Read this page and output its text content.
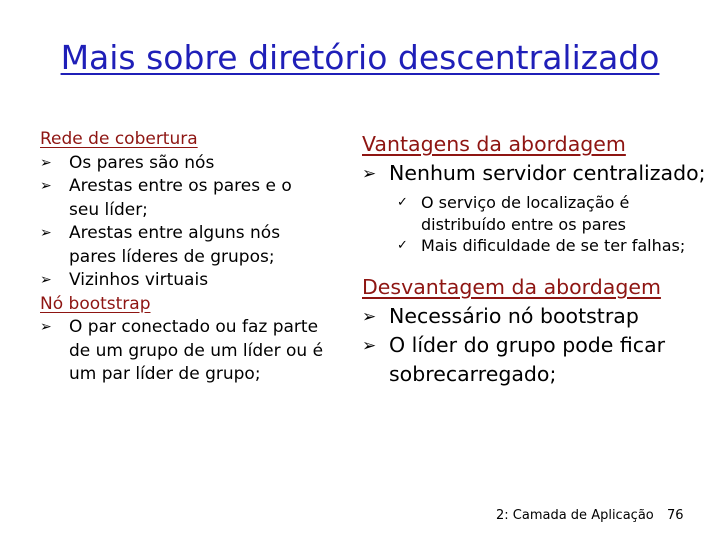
Mais sobre diretório descentralizado
Rede de cobertura
➢ Os pares são nós
➢ Arestas entre os pares e o seu líder;
➢ Arestas entre alguns nós pares líderes de grupos;
➢ Vizinhos virtuais
Nó bootstrap
➢ O par conectado ou faz parte de um grupo de um líder ou é um par líder de grupo;
Vantagens da abordagem
➢ Nenhum servidor centralizado;
✓ O serviço de localização é distribuído entre os pares
✓ Mais dificuldade de se ter falhas;
Desvantagem da abordagem
➢ Necessário nó bootstrap
➢ O líder do grupo pode ficar sobrecarregado;
2: Camada de Aplicação 76
